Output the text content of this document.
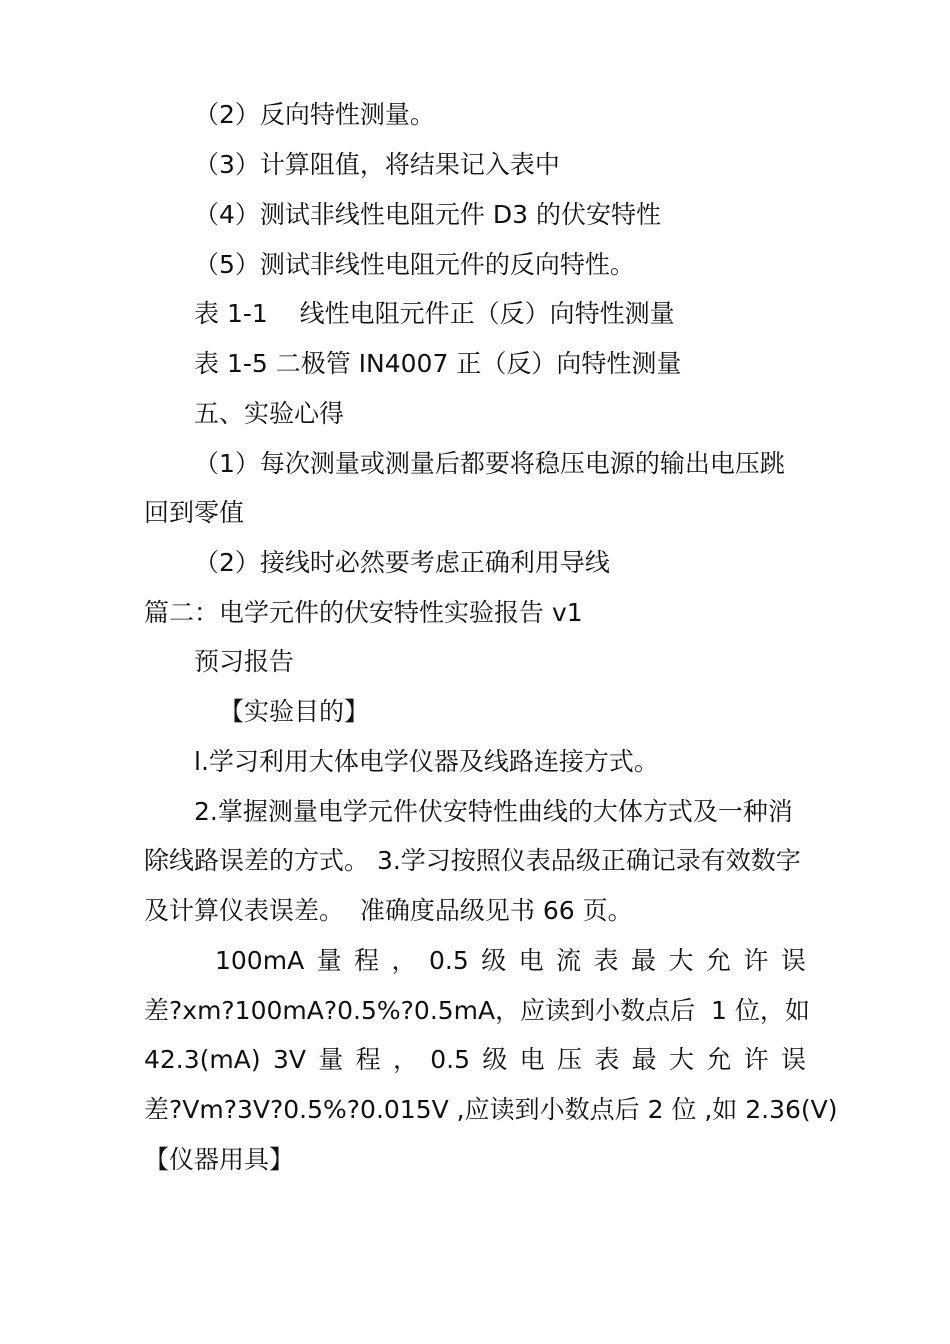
（2）反向特性测量。

（3）计算阻值，将结果记入表中

（4）测试非线性电阻元件 D3 的伏安特性

（5）测试非线性电阻元件的反向特性。

表 1-1    线性电阻元件正（反）向特性测量

表 1-5 二极管 IN4007 正（反）向特性测量

五、实验心得

（1）每次测量或测量后都要将稳压电源的输出电压跳

回到零值

（2）接线时必然要考虑正确利用导线

篇二：电学元件的伏安特性实验报告 v1

预习报告

【实验目的】

l.学习利用大体电学仪器及线路连接方式。

2.掌握测量电学元件伏安特性曲线的大体方式及一种消

除线路误差的方式。 3.学习按照仪表品级正确记录有效数字

及计算仪表误差。  准确度品级见书 66 页。

100mA 量 程 ， 0.5 级 电 流 表 最 大 允 许 误

差?xm?100mA?0.5%?0.5mA，应读到小数点后  1 位，如

42.3(mA) 3V 量 程 ， 0.5 级 电 压 表 最 大 允 许 误

差?Vm?3V?0.5%?0.015V ,应读到小数点后 2 位 ,如 2.36(V)

【仪器用具】
